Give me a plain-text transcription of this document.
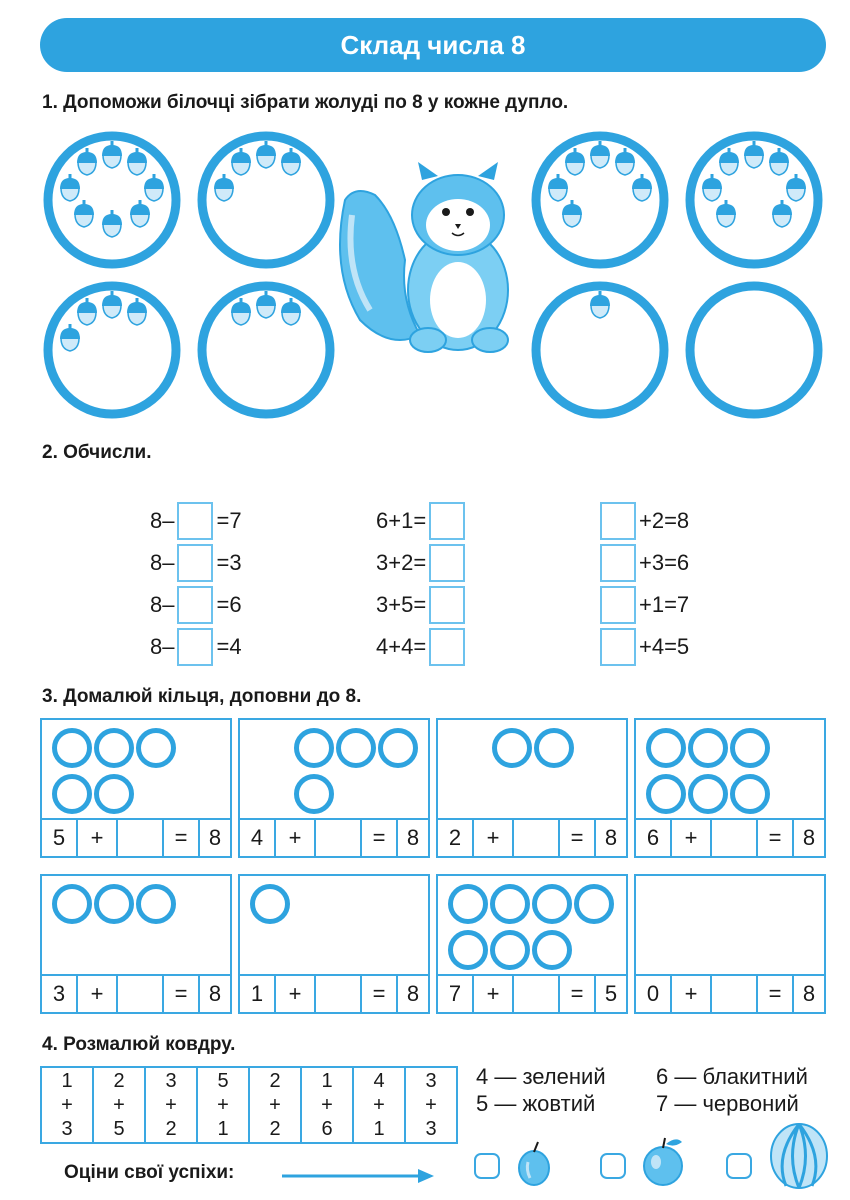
Склад числа 8
1. Допоможи білочці зібрати жолуді по 8 у кожне дупло.
2. Обчисли.
8– =7
8– =3
8– =6
8– =4
6+1=
3+2=
3+5=
4+4=
+2=8
+3=6
+1=7
+4=5
3. Домалюй кільця, доповни до 8.
5	+	= 8	4	+	= 8	2	+	= 8	6	+	= 8
3	+	= 8	1	+	= 8	7	+	= 5	0	+	= 8
4. Розмалюй ковдру.
1
+
3

2
+
5

3
+
2

5
+
1

2
+
2

1
+
6

4
+
1

3
+
3
4 — зелений
5 — жовтий
6 — блакитний
7 — червоний
Оціни свої успіхи:
